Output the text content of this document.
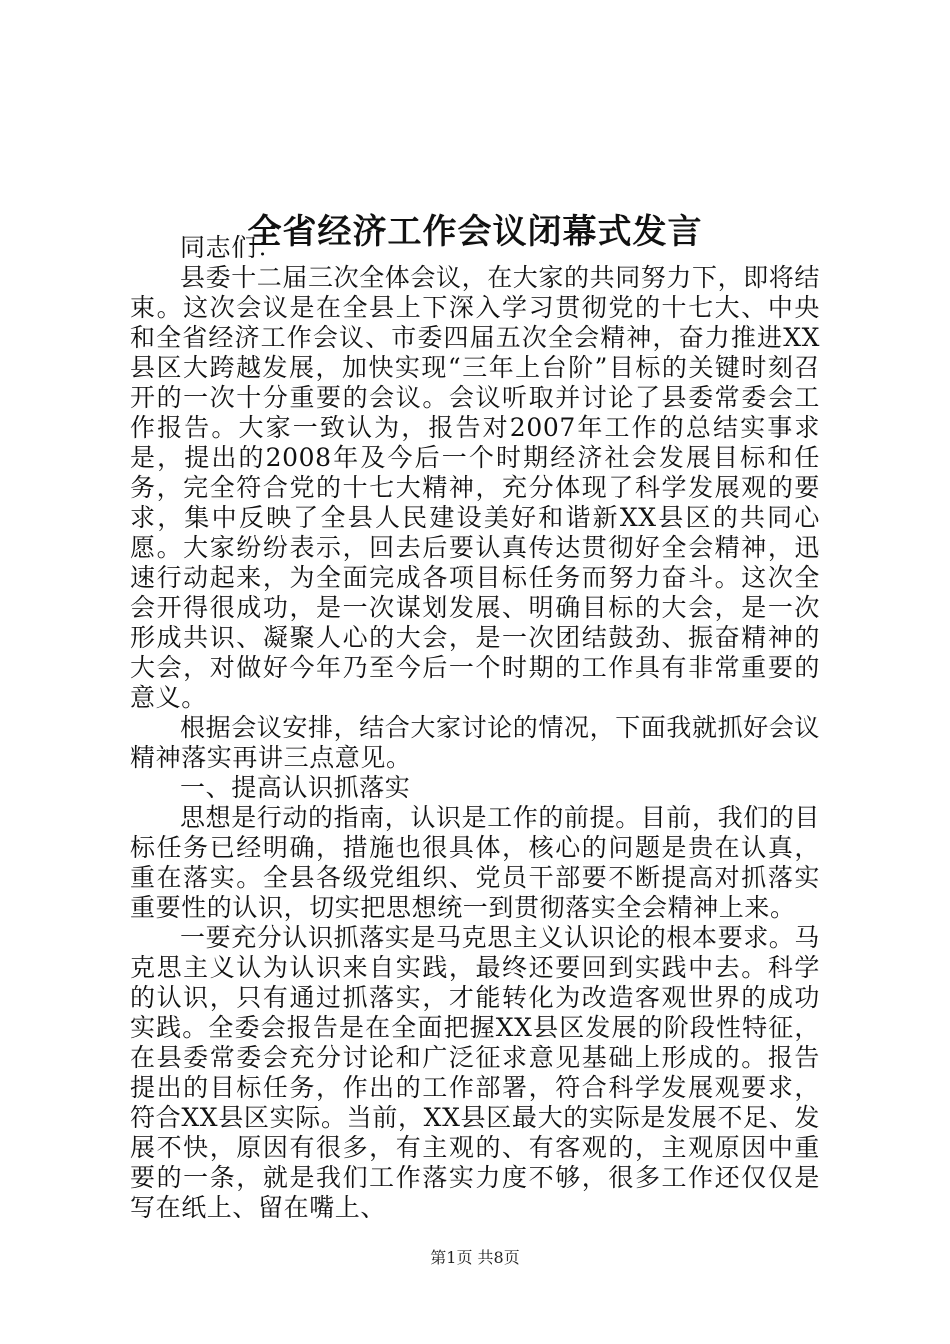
全省经济工作会议闭幕式发言

同志们：

县委十二届三次全体会议，在大家的共同努力下，即将结束。这次会议是在全县上下深入学习贯彻党的十七大、中央和全省经济工作会议、市委四届五次全会精神，奋力推进XX县区大跨越发展，加快实现“三年上台阶”目标的关键时刻召开的一次十分重要的会议。会议听取并讨论了县委常委会工作报告。大家一致认为，报告对2007年工作的总结实事求是，提出的2008年及今后一个时期经济社会发展目标和任务，完全符合党的十七大精神，充分体现了科学发展观的要求，集中反映了全县人民建设美好和谐新XX县区的共同心愿。大家纷纷表示，回去后要认真传达贯彻好全会精神，迅速行动起来，为全面完成各项目标任务而努力奋斗。这次全会开得很成功，是一次谋划发展、明确目标的大会，是一次形成共识、凝聚人心的大会，是一次团结鼓劲、振奋精神的大会，对做好今年乃至今后一个时期的工作具有非常重要的意义。

根据会议安排，结合大家讨论的情况，下面我就抓好会议精神落实再讲三点意见。

一、提高认识抓落实

思想是行动的指南，认识是工作的前提。目前，我们的目标任务已经明确，措施也很具体，核心的问题是贵在认真，重在落实。全县各级党组织、党员干部要不断提高对抓落实重要性的认识，切实把思想统一到贯彻落实全会精神上来。

一要充分认识抓落实是马克思主义认识论的根本要求。马克思主义认为认识来自实践，最终还要回到实践中去。科学的认识，只有通过抓落实，才能转化为改造客观世界的成功实践。全委会报告是在全面把握XX县区发展的阶段性特征，在县委常委会充分讨论和广泛征求意见基础上形成的。报告提出的目标任务，作出的工作部署，符合科学发展观要求，符合XX县区实际。当前，XX县区最大的实际是发展不足、发展不快，原因有很多，有主观的、有客观的，主观原因中重要的一条，就是我们工作落实力度不够，很多工作还仅仅是写在纸上、留在嘴上、

第1页 共8页
